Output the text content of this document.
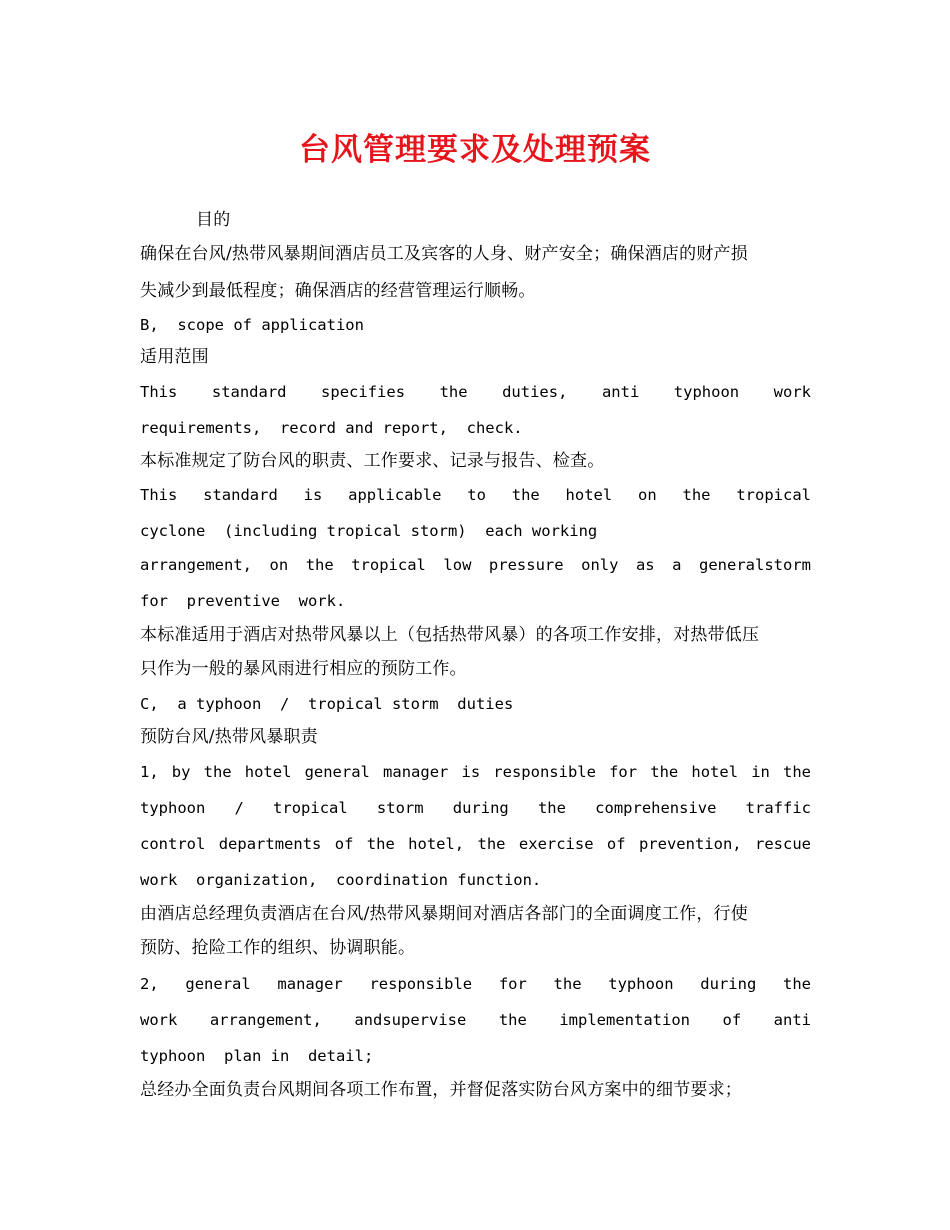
台风管理要求及处理预案
目的
确保在台风/热带风暴期间酒店员工及宾客的人身、财产安全；确保酒店的财产损
失减少到最低程度；确保酒店的经营管理运行顺畅。
B,  scope of application
适用范围
This standard specifies the duties, anti typhoon work
requirements,  record and report,  check.
本标准规定了防台风的职责、工作要求、记录与报告、检查。
This standard is applicable to the hotel on the tropical
cyclone  (including tropical storm)  each working
arrangement, on the tropical low pressure only as a generalstorm
for  preventive  work.
本标准适用于酒店对热带风暴以上（包括热带风暴）的各项工作安排，对热带低压
只作为一般的暴风雨进行相应的预防工作。
C,  a typhoon  /  tropical storm  duties
预防台风/热带风暴职责
1, by the hotel general manager is responsible for the hotel in the
typhoon / tropical storm during the comprehensive traffic
control departments of the hotel, the exercise of prevention, rescue
work  organization,  coordination function.
由酒店总经理负责酒店在台风/热带风暴期间对酒店各部门的全面调度工作，行使
预防、抢险工作的组织、协调职能。
2, general manager responsible for the typhoon during the
work arrangement, andsupervise the implementation of anti
typhoon  plan in  detail;
总经办全面负责台风期间各项工作布置，并督促落实防台风方案中的细节要求；
